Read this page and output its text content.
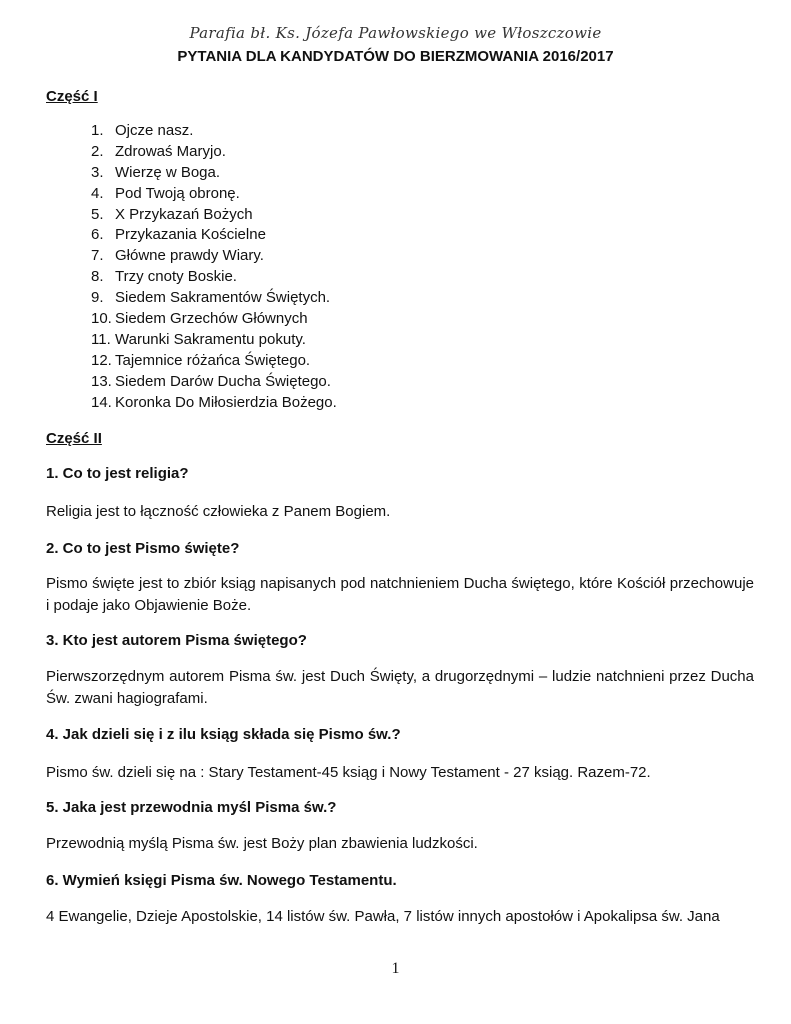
Parafia bł. Ks. Józefa Pawłowskiego we Włoszczowie
PYTANIA DLA KANDYDATÓW DO BIERZMOWANIA 2016/2017
Część I
1. Ojcze nasz.
2. Zdrowaś Maryjo.
3. Wierzę w Boga.
4. Pod Twoją obronę.
5. X Przykazań Bożych
6. Przykazania Kościelne
7. Główne prawdy Wiary.
8. Trzy cnoty Boskie.
9. Siedem Sakramentów Świętych.
10. Siedem Grzechów Głównych
11. Warunki Sakramentu pokuty.
12. Tajemnice różańca Świętego.
13. Siedem Darów Ducha Świętego.
14. Koronka Do Miłosierdzia Bożego.
Część II
1. Co to jest religia?
Religia jest to łączność człowieka z Panem Bogiem.
2. Co to jest Pismo święte?
Pismo święte jest to zbiór ksiąg napisanych pod natchnieniem Ducha świętego, które Kościół przechowuje i podaje jako Objawienie Boże.
3. Kto jest autorem Pisma świętego?
Pierwszorzędnym autorem Pisma św. jest Duch Święty, a drugorzędnymi – ludzie natchnieni przez Ducha Św. zwani hagiografami.
4. Jak dzieli się i z ilu ksiąg składa się Pismo św.?
Pismo św. dzieli się na : Stary Testament-45 ksiąg i Nowy Testament - 27 ksiąg. Razem-72.
5. Jaka jest przewodnia myśl Pisma św.?
Przewodnią myślą Pisma św. jest Boży plan zbawienia ludzkości.
6. Wymień księgi Pisma św. Nowego Testamentu.
4 Ewangelie, Dzieje Apostolskie, 14 listów św. Pawła, 7 listów innych apostołów i Apokalipsa św. Jana
1
